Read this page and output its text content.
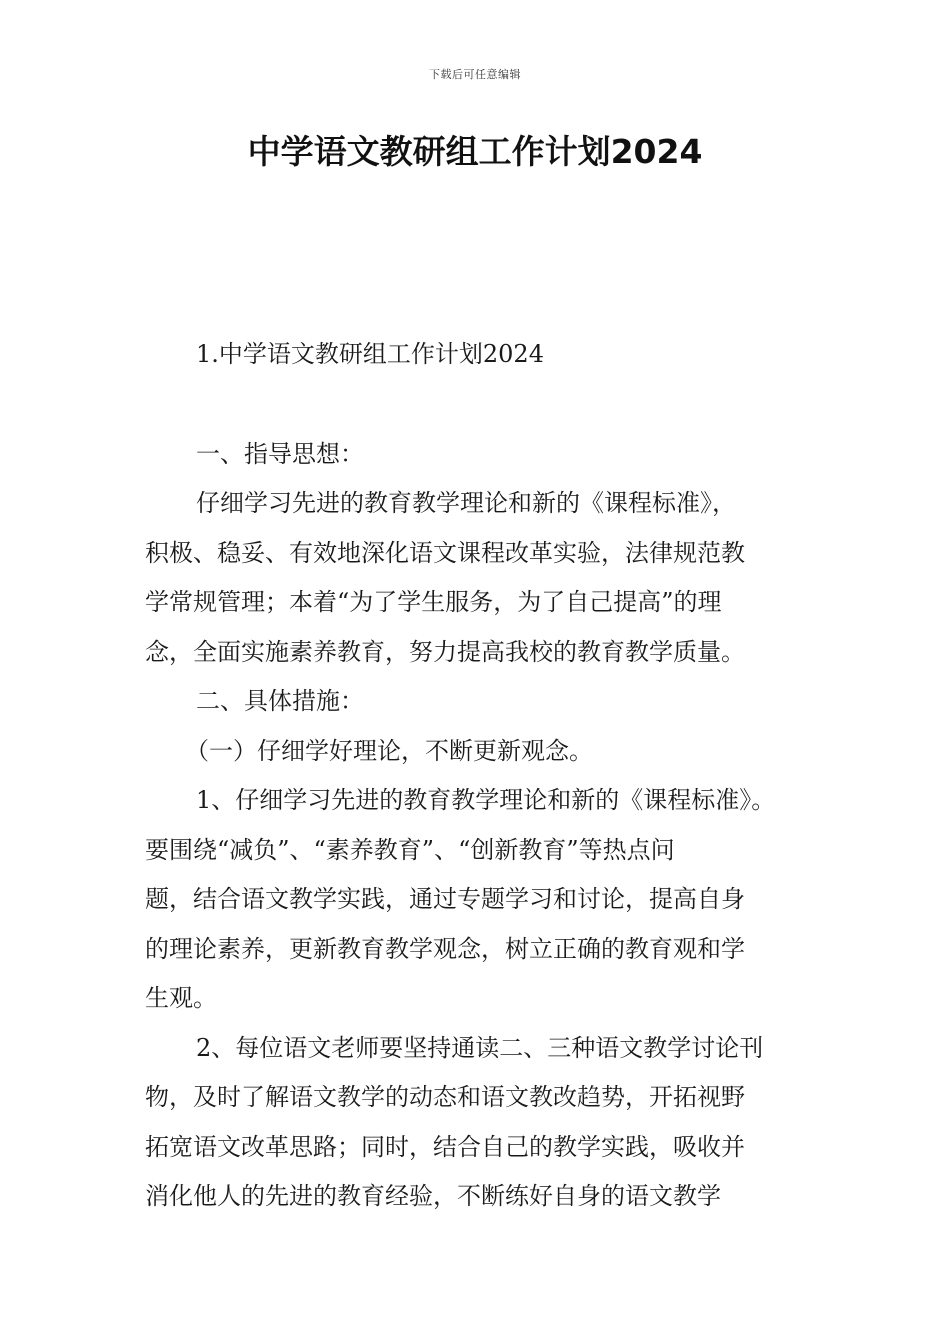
下载后可任意编辑
中学语文教研组工作计划2024
1.中学语文教研组工作计划2024
一、指导思想：
仔细学习先进的教育教学理论和新的《课程标准》，
积极、稳妥、有效地深化语文课程改革实验，法律规范教
学常规管理；本着“为了学生服务，为了自己提高”的理
念，全面实施素养教育，努力提高我校的教育教学质量。
二、具体措施：
（一）仔细学好理论，不断更新观念。
1、仔细学习先进的教育教学理论和新的《课程标准》。
要围绕“减负”、“素养教育”、“创新教育”等热点问
题，结合语文教学实践，通过专题学习和讨论，提高自身
的理论素养，更新教育教学观念，树立正确的教育观和学
生观。
2、每位语文老师要坚持通读二、三种语文教学讨论刊
物，及时了解语文教学的动态和语文教改趋势，开拓视野
拓宽语文改革思路；同时，结合自己的教学实践，吸收并
消化他人的先进的教育经验，不断练好自身的语文教学
